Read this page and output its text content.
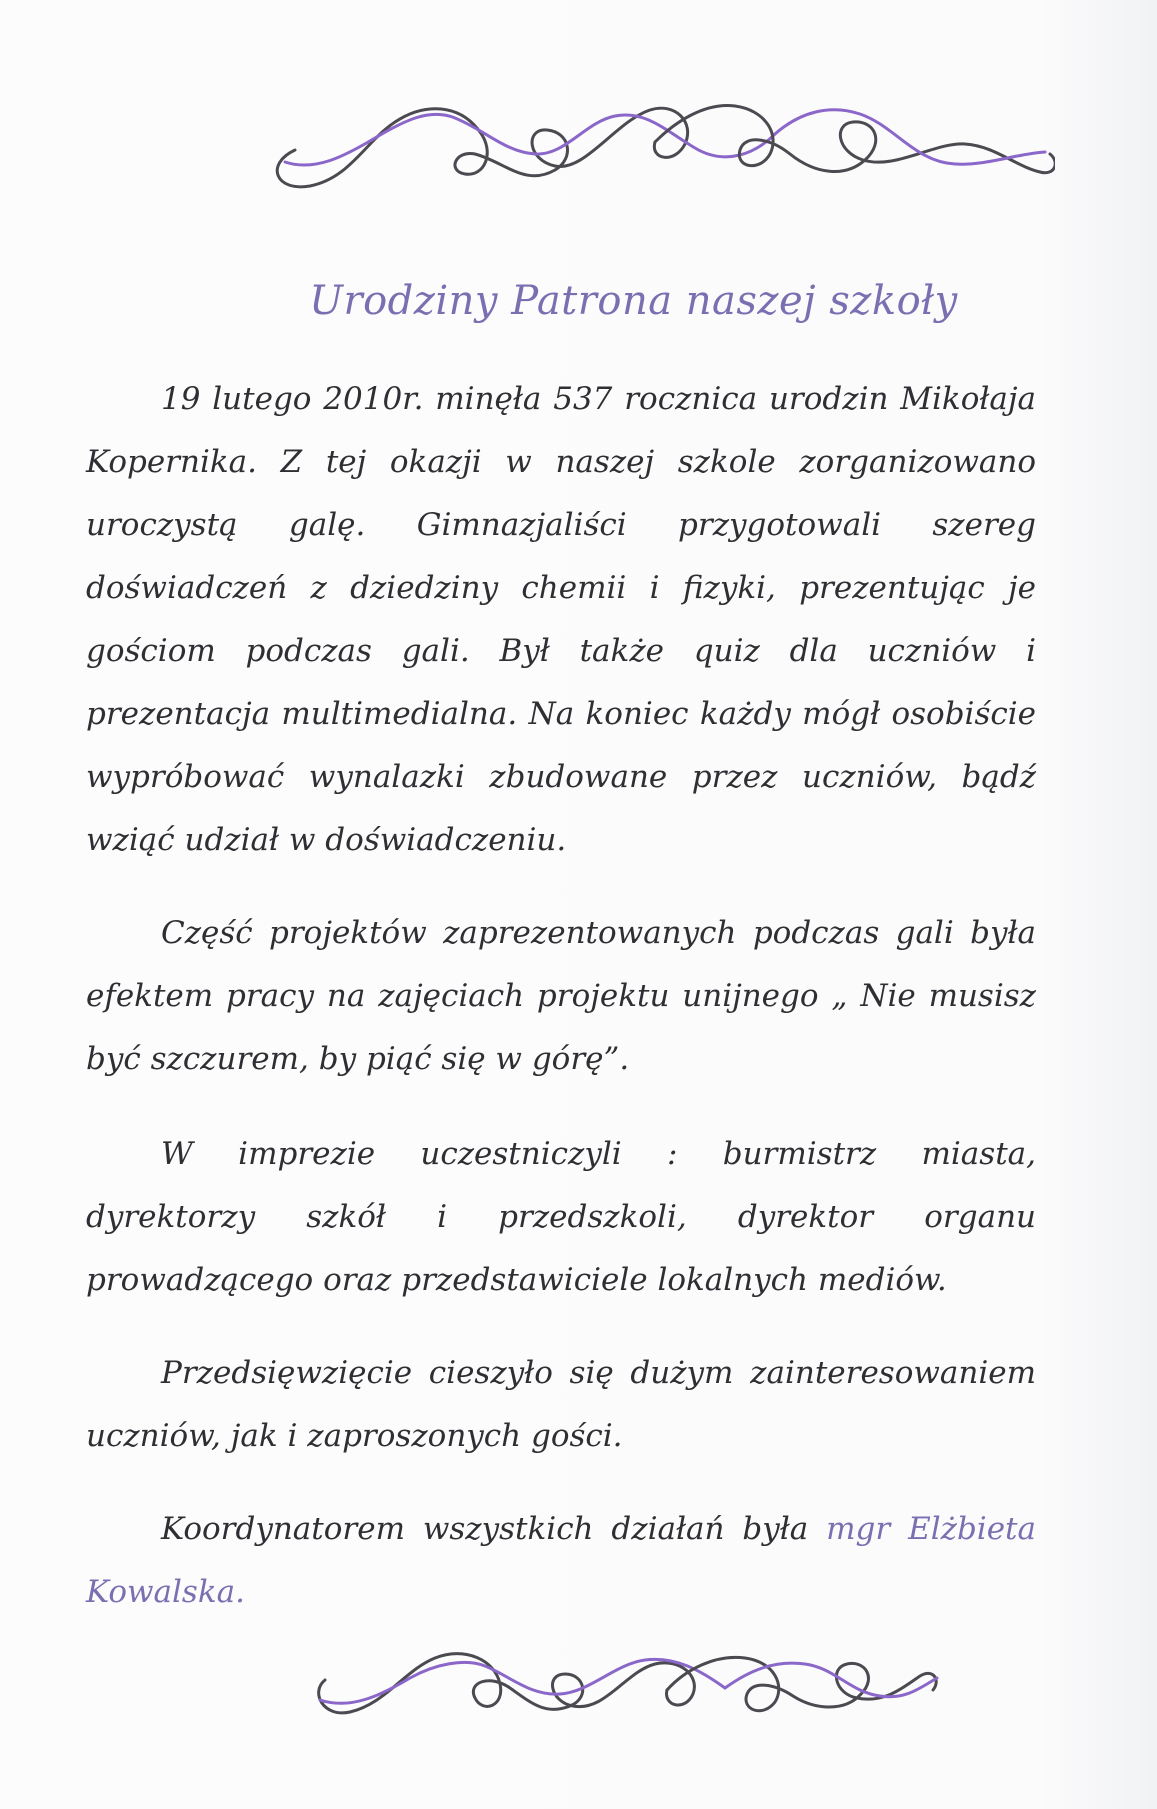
Urodziny Patrona naszej szkoły

19 lutego 2010r. minęła 537 rocznica urodzin Mikołaja Kopernika. Z tej okazji w naszej szkole zorganizowano uroczystą galę. Gimnazjaliści przygotowali szereg doświadczeń z dziedziny chemii i fizyki, prezentując je gościom podczas gali. Był także quiz dla uczniów i prezentacja multimedialna. Na koniec każdy mógł osobiście wypróbować wynalazki zbudowane przez uczniów, bądź wziąć udział w doświadczeniu.

Część projektów zaprezentowanych podczas gali była efektem pracy na zajęciach projektu unijnego „ Nie musisz być szczurem, by piąć się w górę”.

W imprezie uczestniczyli : burmistrz miasta, dyrektorzy szkół i przedszkoli, dyrektor organu prowadzącego oraz przedstawiciele lokalnych mediów.

Przedsięwzięcie cieszyło się dużym zainteresowaniem uczniów, jak i zaproszonych gości.

Koordynatorem wszystkich działań była mgr Elżbieta Kowalska.
